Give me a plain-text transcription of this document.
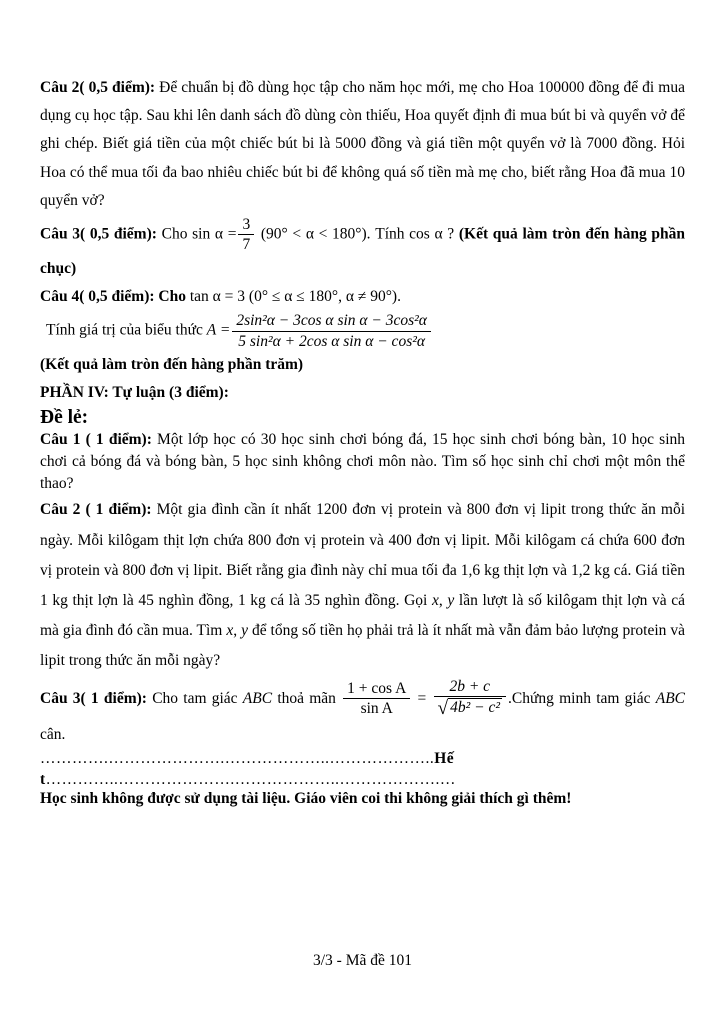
Câu 2( 0,5 điểm): Để chuẩn bị đồ dùng học tập cho năm học mới, mẹ cho Hoa 100000 đồng để đi mua dụng cụ học tập. Sau khi lên danh sách đồ dùng còn thiếu, Hoa quyết định đi mua bút bi và quyển vở để ghi chép. Biết giá tiền của một chiếc bút bi là 5000 đồng và giá tiền một quyển vở là 7000 đồng. Hỏi Hoa có thể mua tối đa bao nhiêu chiếc bút bi để không quá số tiền mà mẹ cho, biết rằng Hoa đã mua 10 quyển vở?

Câu 3( 0,5 điểm): Cho $\sin \alpha = \frac{3}{7} (90^\circ < \alpha < 180^\circ)$. Tính cos α ? (Kết quả làm tròn đến hàng phần chục)

Câu 4( 0,5 điểm): Cho tan α = 3 (0° ≤ α ≤ 180°, α ≠ 90°).

Tính giá trị của biểu thức $A = \frac{\text{2sin²α − 3cos α sin α − 3cos²α}}{\text{5 sin²α + 2cos α sin α − cos²α}}$

(Kết quả làm tròn đến hàng phần trăm)

PHẦN IV: Tự luận (3 điểm):

Đề lẻ:

Câu 1 ( 1 điểm): Một lớp học có 30 học sinh chơi bóng đá, 15 học sinh chơi bóng bàn, 10 học sinh chơi cả bóng đá và bóng bàn, 5 học sinh không chơi môn nào. Tìm số học sinh chỉ chơi một môn thể thao?

Câu 2 ( 1 điểm): Một gia đình cần ít nhất 1200 đơn vị protein và 800 đơn vị lipit trong thức ăn mỗi ngày. Mỗi kilôgam thịt lợn chứa 800 đơn vị protein và 400 đơn vị lipit. Mỗi kilôgam cá chứa 600 đơn vị protein và 800 đơn vị lipit. Biết rằng gia đình này chỉ mua tối đa 1,6 kg thịt lợn và 1,2 kg cá. Giá tiền 1 kg thịt lợn là 45 nghìn đồng, 1 kg cá là 35 nghìn đồng. Gọi x, y lần lượt là số kilôgam thịt lợn và cá mà gia đình đó cần mua. Tìm x, y để tổng số tiền họ phải trả là ít nhất mà vẫn đảm bảo lượng protein và lipit trong thức ăn mỗi ngày?

Câu 3( 1 điểm): Cho tam giác ABC thoả mãn $\frac{\text{1 + cos A}}{\text{sin A}} = \frac{2b + c}{\text{√ 4b² − c²}}$ .Chứng minh tam giác ABC cân.

………….………………….………………..………………..Hết…………..………………….………………..……………….…

Học sinh không được sử dụng tài liệu. Giáo viên coi thi không giải thích gì thêm!

3/3 - Mã đề 101
